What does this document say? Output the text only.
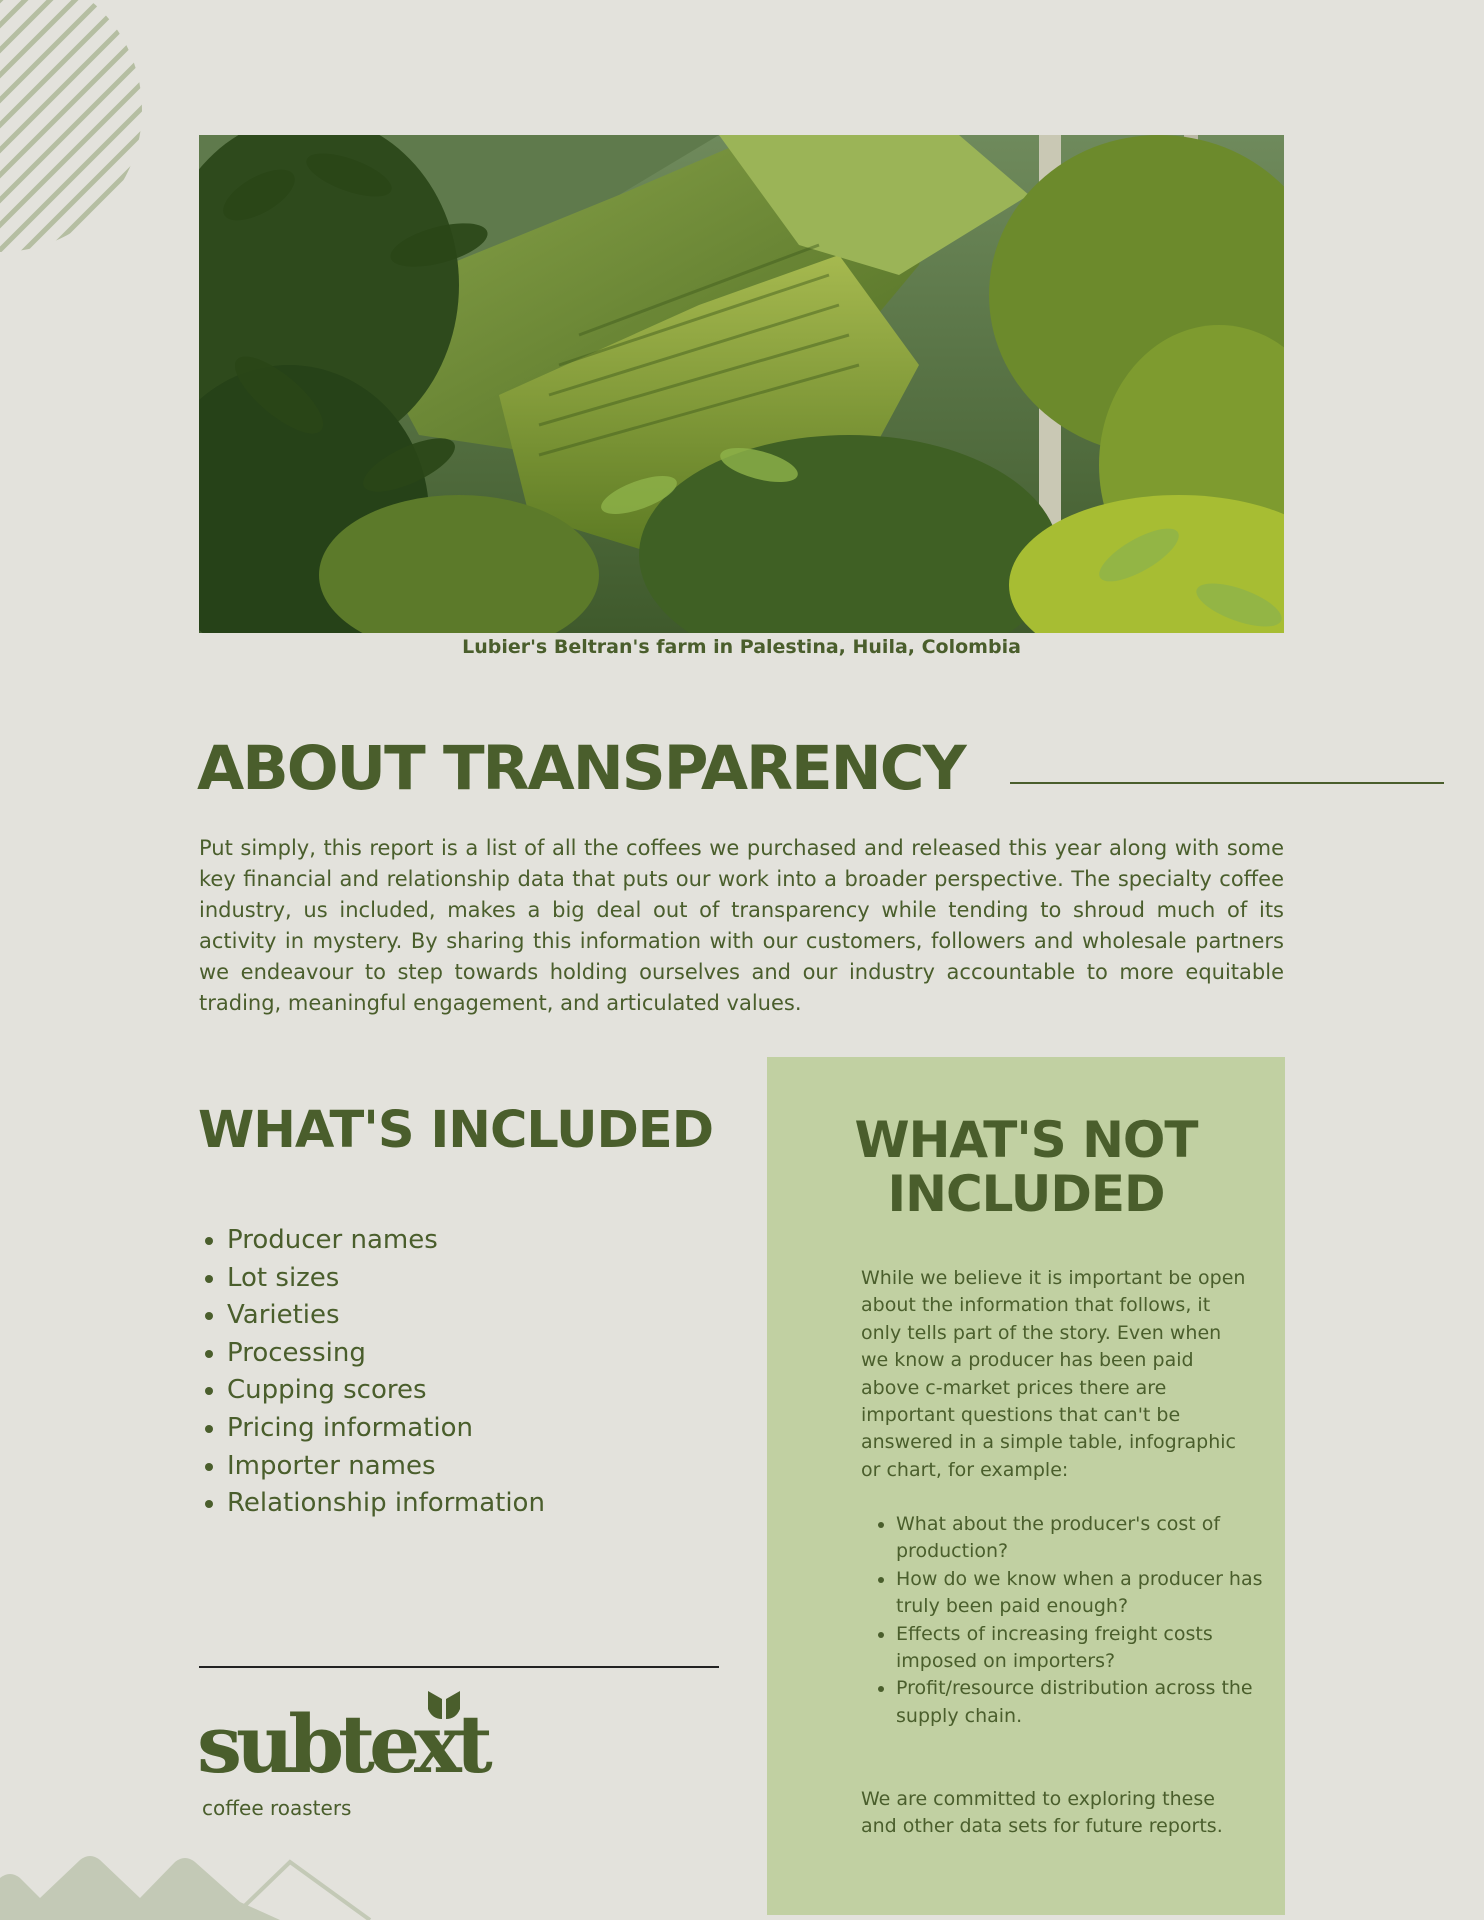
Lubier's Beltran's farm in Palestina, Huila, Colombia
ABOUT TRANSPARENCY

Put simply, this report is a list of all the coffees we purchased and released this year along with some key financial and relationship data that puts our work into a broader perspective. The specialty coffee industry, us included, makes a big deal out of transparency while tending to shroud much of its activity in mystery. By sharing this information with our customers, followers and wholesale partners we endeavour to step towards holding ourselves and our industry accountable to more equitable trading, meaningful engagement, and articulated values.

WHAT'S INCLUDED
• Producer names
• Lot sizes
• Varieties
• Processing
• Cupping scores
• Pricing information
• Importer names
• Relationship information
subtext
coffee roasters
WHAT'S NOT INCLUDED

While we believe it is important be open about the information that follows, it only tells part of the story. Even when we know a producer has been paid above c-market prices there are important questions that can't be answered in a simple table, infographic or chart, for example:

• What about the producer's cost of production?
• How do we know when a producer has truly been paid enough?
• Effects of increasing freight costs imposed on importers?
• Profit/resource distribution across the supply chain.

We are committed to exploring these and other data sets for future reports.
